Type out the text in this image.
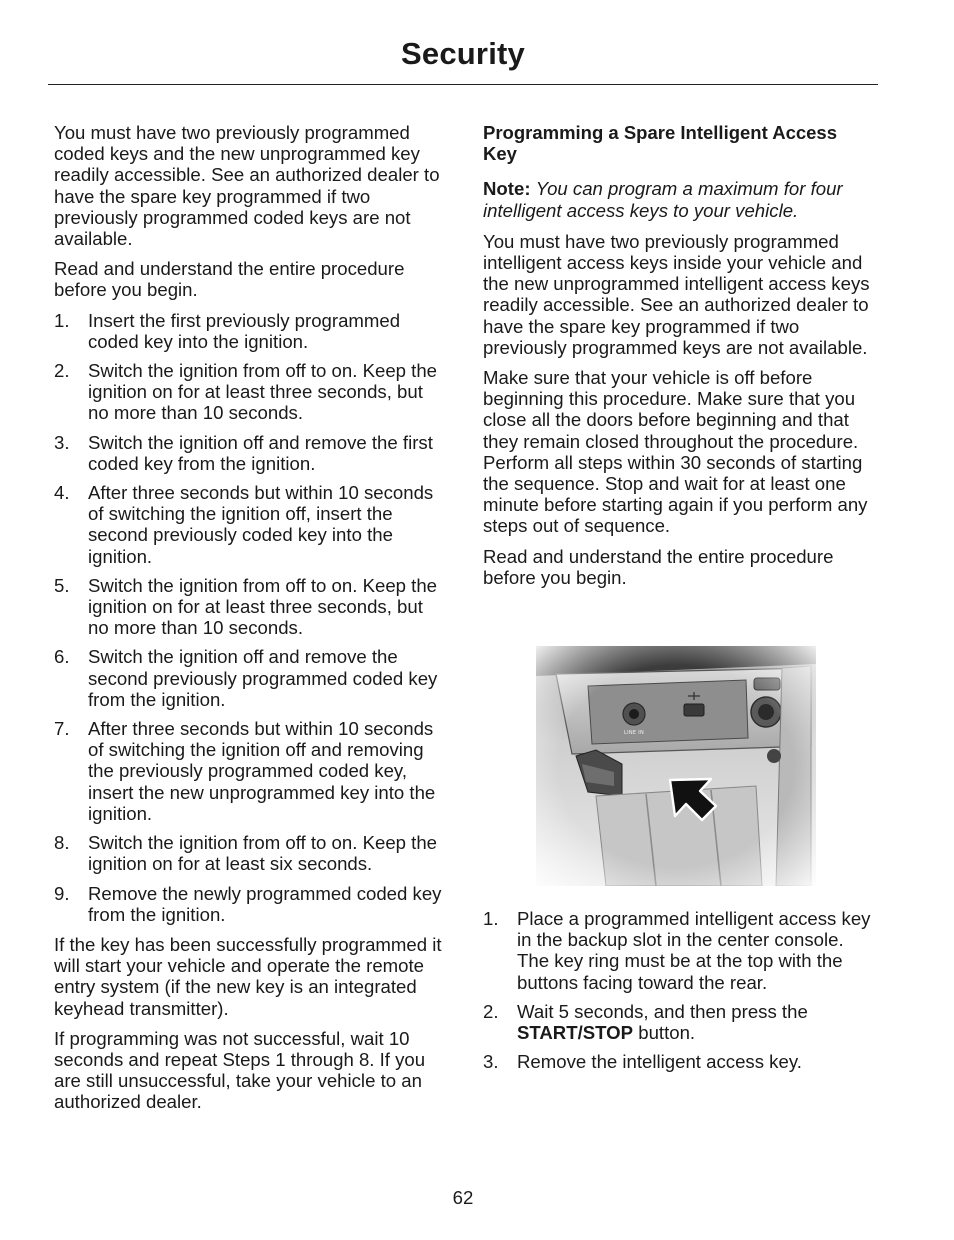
Security

You must have two previously programmed coded keys and the new unprogrammed key readily accessible. See an authorized dealer to have the spare key programmed if two previously programmed coded keys are not available.

Read and understand the entire procedure before you begin.

1. Insert the first previously programmed coded key into the ignition.
2. Switch the ignition from off to on. Keep the ignition on for at least three seconds, but no more than 10 seconds.
3. Switch the ignition off and remove the first coded key from the ignition.
4. After three seconds but within 10 seconds of switching the ignition off, insert the second previously coded key into the ignition.
5. Switch the ignition from off to on. Keep the ignition on for at least three seconds, but no more than 10 seconds.
6. Switch the ignition off and remove the second previously programmed coded key from the ignition.
7. After three seconds but within 10 seconds of switching the ignition off and removing the previously programmed coded key, insert the new unprogrammed key into the ignition.
8. Switch the ignition from off to on. Keep the ignition on for at least six seconds.
9. Remove the newly programmed coded key from the ignition.

If the key has been successfully programmed it will start your vehicle and operate the remote entry system (if the new key is an integrated keyhead transmitter).

If programming was not successful, wait 10 seconds and repeat Steps 1 through 8. If you are still unsuccessful, take your vehicle to an authorized dealer.

Programming a Spare Intelligent Access Key

Note: You can program a maximum for four intelligent access keys to your vehicle.

You must have two previously programmed intelligent access keys inside your vehicle and the new unprogrammed intelligent access keys readily accessible. See an authorized dealer to have the spare key programmed if two previously programmed keys are not available.

Make sure that your vehicle is off before beginning this procedure. Make sure that you close all the doors before beginning and that they remain closed throughout the procedure. Perform all steps within 30 seconds of starting the sequence. Stop and wait for at least one minute before starting again if you perform any steps out of sequence.

Read and understand the entire procedure before you begin.

LINE IN
1. Place a programmed intelligent access key in the backup slot in the center console. The key ring must be at the top with the buttons facing toward the rear.
2. Wait 5 seconds, and then press the START/STOP button.
3. Remove the intelligent access key.
62
